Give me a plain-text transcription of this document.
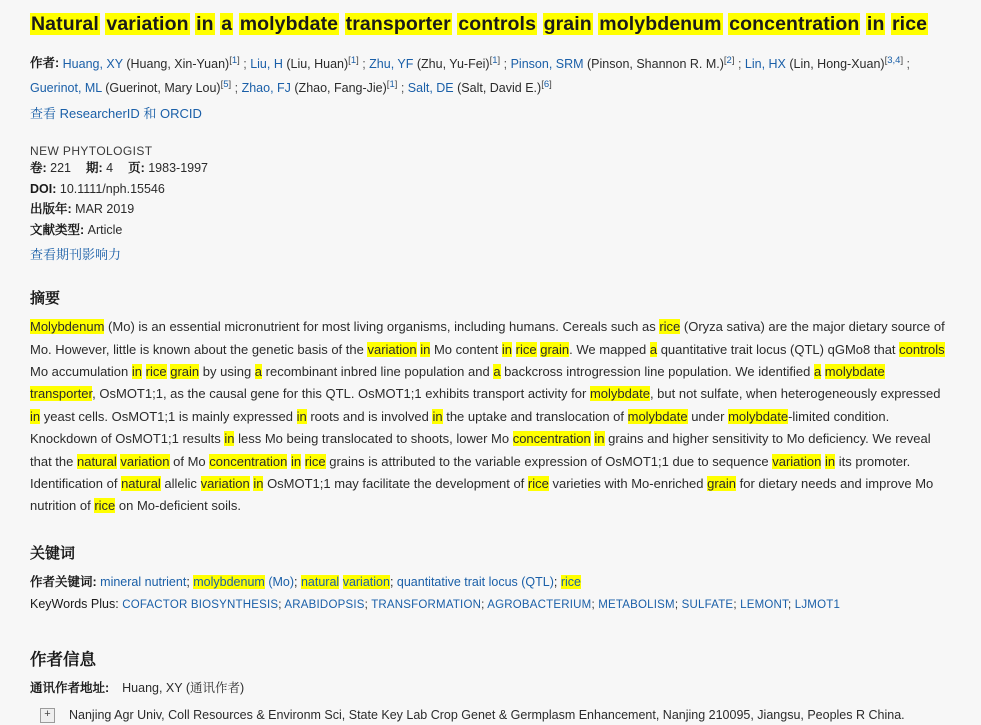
Natural variation in a molybdate transporter controls grain molybdenum concentration in rice
作者: Huang, XY (Huang, Xin-Yuan)[1] ; Liu, H (Liu, Huan)[1] ; Zhu, YF (Zhu, Yu-Fei)[1] ; Pinson, SRM (Pinson, Shannon R. M.)[2] ; Lin, HX (Lin, Hong-Xuan)[3,4] ; Guerinot, ML (Guerinot, Mary Lou)[5] ; Zhao, FJ (Zhao, Fang-Jie)[1] ; Salt, DE (Salt, David E.)[6]
查看 ResearcherID 和 ORCID
NEW PHYTOLOGIST
卷: 221 期: 4 页: 1983-1997
DOI: 10.1111/nph.15546
出版年: MAR 2019
文献类型: Article
查看期刊影响力
摘要
Molybdenum (Mo) is an essential micronutrient for most living organisms, including humans. Cereals such as rice (Oryza sativa) are the major dietary source of Mo. However, little is known about the genetic basis of the variation in Mo content in rice grain. We mapped a quantitative trait locus (QTL) qGMo8 that controls Mo accumulation in rice grain by using a recombinant inbred line population and a backcross introgression line population. We identified a molybdate transporter, OsMOT1;1, as the causal gene for this QTL. OsMOT1;1 exhibits transport activity for molybdate, but not sulfate, when heterogeneously expressed in yeast cells. OsMOT1;1 is mainly expressed in roots and is involved in the uptake and translocation of molybdate under molybdate-limited condition. Knockdown of OsMOT1;1 results in less Mo being translocated to shoots, lower Mo concentration in grains and higher sensitivity to Mo deficiency. We reveal that the natural variation of Mo concentration in rice grains is attributed to the variable expression of OsMOT1;1 due to sequence variation in its promoter. Identification of natural allelic variation in OsMOT1;1 may facilitate the development of rice varieties with Mo-enriched grain for dietary needs and improve Mo nutrition of rice on Mo-deficient soils.
关键词
作者关键词: mineral nutrient; molybdenum (Mo); natural variation; quantitative trait locus (QTL); rice
KeyWords Plus: COFACTOR BIOSYNTHESIS; ARABIDOPSIS; TRANSFORMATION; AGROBACTERIUM; METABOLISM; SULFATE; LEMONT; LJMOT1
作者信息
通讯作者地址: Huang, XY (通讯作者)
+	Nanjing Agr Univ, Coll Resources & Environm Sci, State Key Lab Crop Genet & Germplasm Enhancement, Nanjing 210095, Jiangsu, Peoples R China.
